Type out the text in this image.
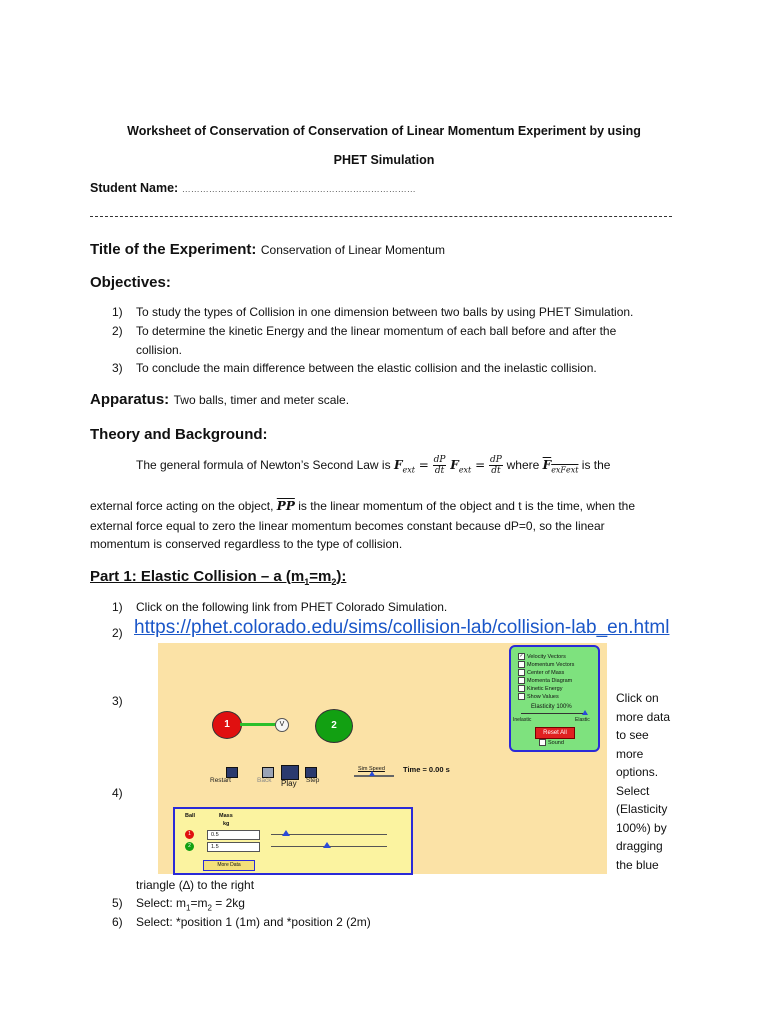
Worksheet of Conservation of Conservation of Linear Momentum Experiment by using
PHET Simulation
Student Name: ……………………………………………………………………
Title of the Experiment: Conservation of Linear Momentum
Objectives:
1) To study the types of Collision in one dimension between two balls by using PHET Simulation.
2) To determine the kinetic Energy and the linear momentum of each ball before and after the
collision.
3) To conclude the main difference between the elastic collision and the inelastic collision.
Apparatus: Two balls, timer and meter scale.
Theory and Background:
The general formula of Newton’s Second Law is $F_{ext} = \frac{dP}{dt} F_{ext} = \frac{dP}{dt}$ where $F_{exFext}$ is the
external force acting on the object, $\overline{PP}$ is the linear momentum of the object and t is the time, when the
external force equal to zero the linear momentum becomes constant because dP=0, so the linear
momentum is conserved regardless to the type of collision.
Part 1: Elastic Collision – a $(m_1=m_2)$:
1) Click on the following link from PHET Colorado Simulation.
2) https://phet.colorado.edu/sims/collision-lab/collision-lab_en.html
3)
4)
1	V	2
Restart	Back Play Step
Sim Speed Time = 0.00 s
✓ Velocity Vectors
Momentum Vectors
Center of Mass
Momenta Diagram
Kinetic Energy
Show Values
Elasticity 100%
Inelastic	Elastic
Reset All
Sound
Ball	Mass
kg
1	0.5
2	1.5
More Data
Click on
more data
to see
more
options.
Select
(Elasticity
100%) by
dragging
the blue
triangle (∆) to the right
5) Select: $m_1=m_2 = 2kg$
6) Select: *position 1 (1m) and *position 2 (2m)
